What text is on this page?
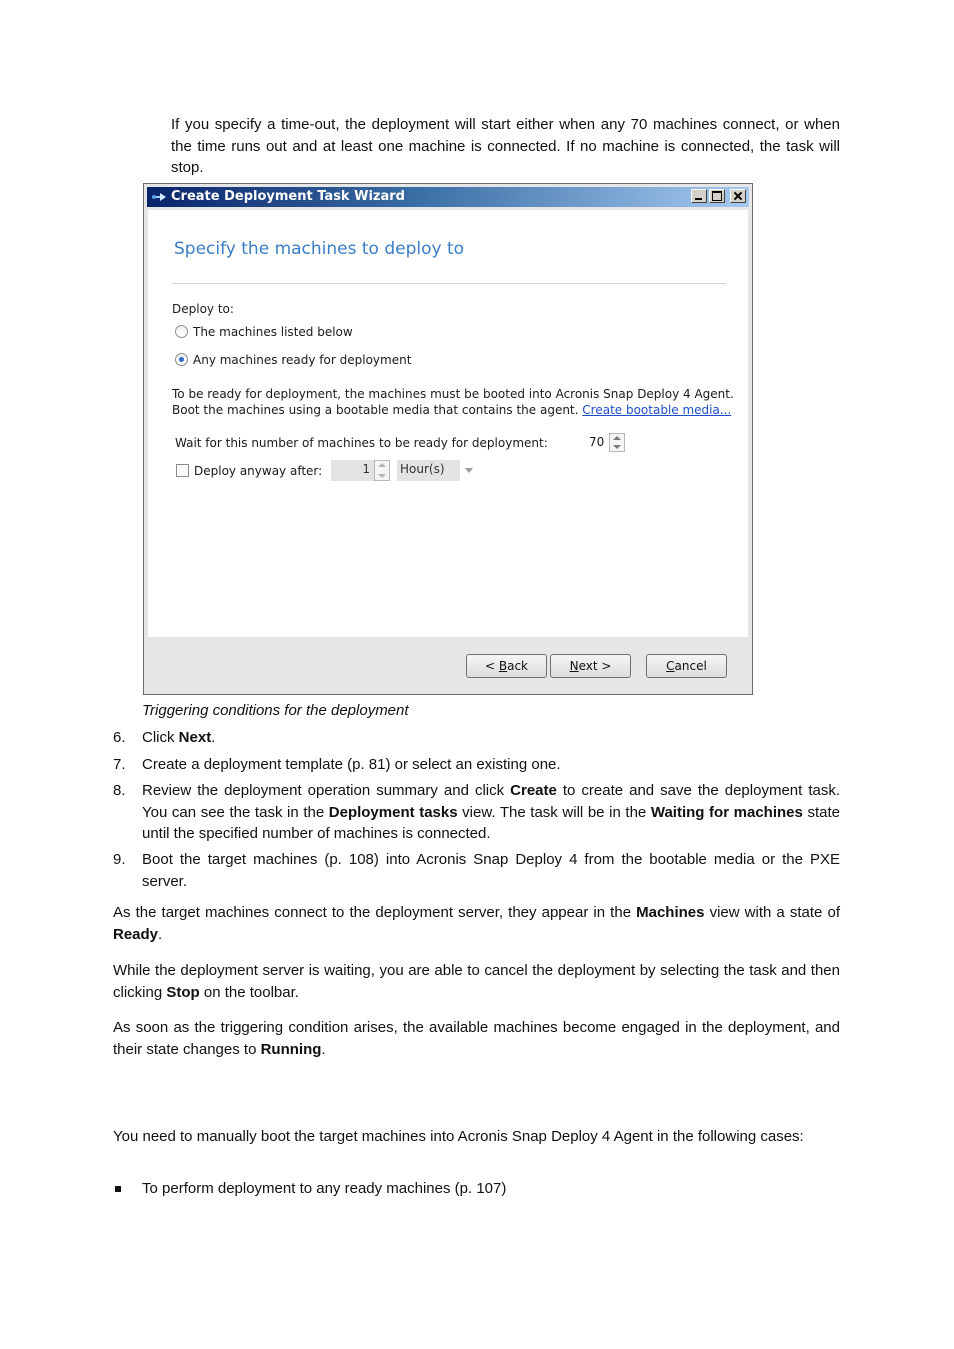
If you specify a time-out, the deployment will start either when any 70 machines connect, or when the time runs out and at least one machine is connected. If no machine is connected, the task will stop.
Create Deployment Task Wizard
Specify the machines to deploy to
Deploy to:
The machines listed below
Any machines ready for deployment
To be ready for deployment, the machines must be booted into Acronis Snap Deploy 4 Agent.
Boot the machines using a bootable media that contains the agent. Create bootable media...
Wait for this number of machines to be ready for deployment:	70
Deploy anyway after:	1	Hour(s)
< Back	Next >	Cancel
Triggering conditions for the deployment
6. Click Next.
7. Create a deployment template (p. 81) or select an existing one.
8. Review the deployment operation summary and click Create to create and save the deployment task. You can see the task in the Deployment tasks view. The task will be in the Waiting for machines state until the specified number of machines is connected.
9. Boot the target machines (p. 108) into Acronis Snap Deploy 4 from the bootable media or the PXE server.
As the target machines connect to the deployment server, they appear in the Machines view with a state of Ready.
While the deployment server is waiting, you are able to cancel the deployment by selecting the task and then clicking Stop on the toolbar.
As soon as the triggering condition arises, the available machines become engaged in the deployment, and their state changes to Running.
You need to manually boot the target machines into Acronis Snap Deploy 4 Agent in the following cases:
To perform deployment to any ready machines (p. 107)
